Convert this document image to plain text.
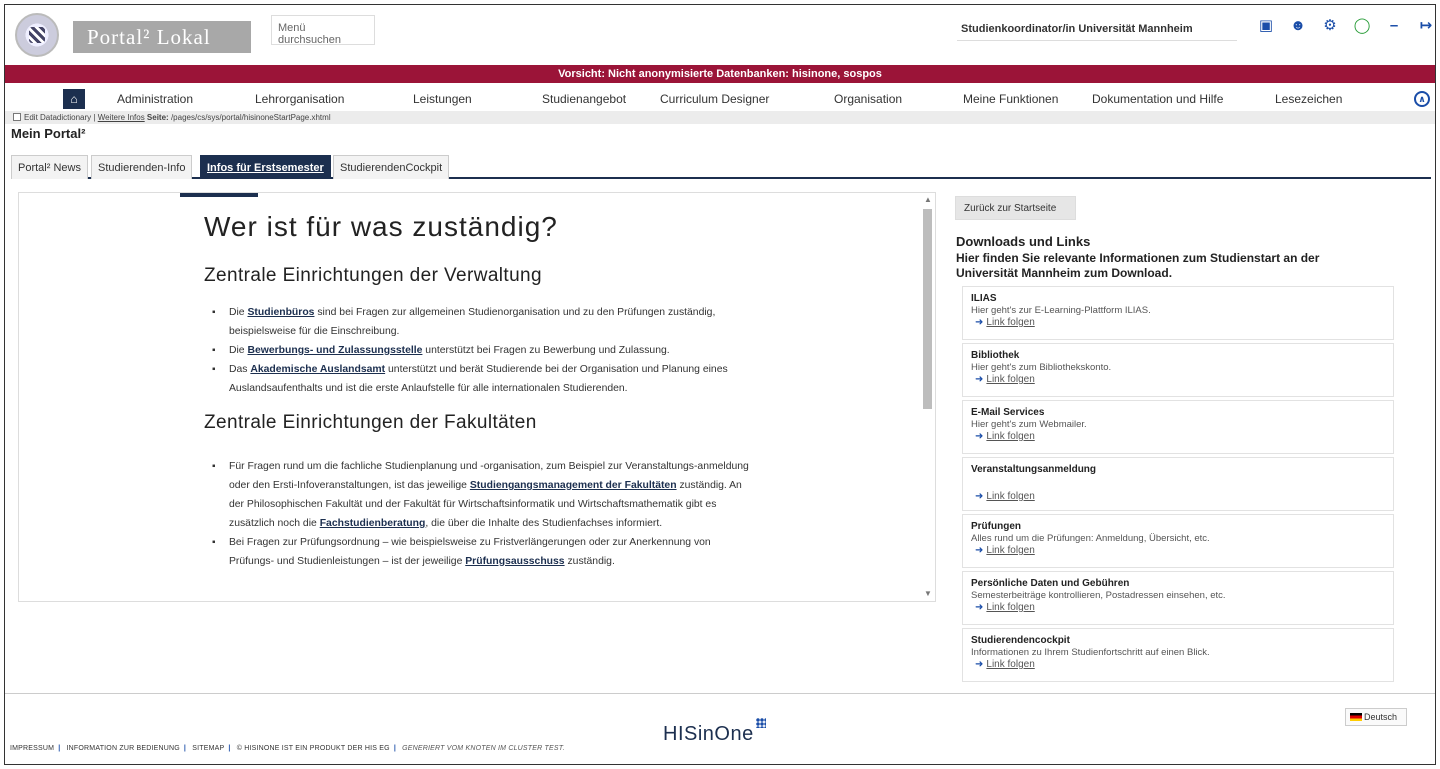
Portal² Lokal	Menü durchsuchen
Studienkoordinator/in Universität Mannheim	▣ ☻ ⚙ ◯	–	↦
Vorsicht: Nicht anonymisierte Datenbanken: hisinone, sospos
⌂	Administration	Lehrorganisation	Leistungen	Studienangebot	Curriculum Designer	Organisation	Meine Funktionen	Dokumentation und Hilfe	Lesezeichen	∧
Edit Datadictionary | Weitere Infos Seite: /pages/cs/sys/portal/hisinoneStartPage.xhtml
Mein Portal²
Portal² News	Studierenden-Info	Infos für Erstsemester	StudierendenCockpit
Wer ist für was zuständig?
Zentrale Einrichtungen der Verwaltung
▪ Die Studienbüros sind bei Fragen zur allgemeinen Studienorganisation und zu den Prüfungen zuständig, beispielsweise für die Einschreibung.
▪ Die Bewerbungs- und Zulassungsstelle unterstützt bei Fragen zu Bewerbung und Zulassung.
▪ Das Akademische Auslandsamt unterstützt und berät Studierende bei der Organisation und Planung eines Auslandsaufenthalts und ist die erste Anlaufstelle für alle internationalen Studierenden.
Zentrale Einrichtungen der Fakultäten
▪ Für Fragen rund um die fachliche Studienplanung und -organisation, zum Beispiel zur Veranstaltungs-anmeldung oder den Ersti-Infoveranstaltungen, ist das jeweilige Studiengangsmanagement der Fakultäten zuständig. An der Philosophischen Fakultät und der Fakultät für Wirtschaftsinformatik und Wirtschaftsmathematik gibt es zusätzlich noch die Fachstudienberatung, die über die Inhalte des Studienfachses informiert.
▪ Bei Fragen zur Prüfungsordnung – wie beispielsweise zu Fristverlängerungen oder zur Anerkennung von Prüfungs- und Studienleistungen – ist der jeweilige Prüfungsausschuss zuständig.
▲
▼
Zurück zur Startseite
Downloads und Links
Hier finden Sie relevante Informationen zum Studienstart an der Universität Mannheim zum Download.
ILIAS
Hier geht's zur E-Learning-Plattform ILIAS.
➜ Link folgen
Bibliothek
Hier geht's zum Bibliothekskonto.
➜ Link folgen
E-Mail Services
Hier geht's zum Webmailer.
➜ Link folgen
Veranstaltungsanmeldung
➜ Link folgen
Prüfungen
Alles rund um die Prüfungen: Anmeldung, Übersicht, etc.
➜ Link folgen
Persönliche Daten und Gebühren
Semesterbeiträge kontrollieren, Postadressen einsehen, etc.
➜ Link folgen
Studierendencockpit
Informationen zu Ihrem Studienfortschritt auf einen Blick.
➜ Link folgen
Deutsch
HISinOne
IMPRESSUM | INFORMATION ZUR BEDIENUNG | SITEMAP | © HISINONE IST EIN PRODUKT DER HIS EG | GENERIERT VOM KNOTEN IM CLUSTER TEST.
